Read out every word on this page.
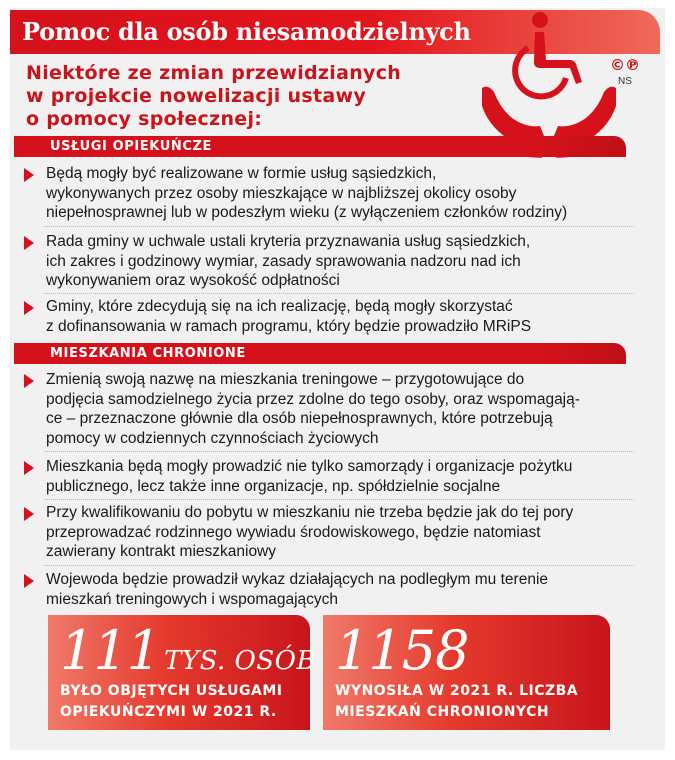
Pomoc dla osób niesamodzielnych
©℗
NS
Niektóre ze zmian przewidzianych
w projekcie nowelizacji ustawy
o pomocy społecznej:
USŁUGI OPIEKUŃCZE
Będą mogły być realizowane w formie usług sąsiedzkich,
wykonywanych przez osoby mieszkające w najbliższej okolicy osoby
niepełnosprawnej lub w podeszłym wieku (z wyłączeniem członków rodziny)
Rada gminy w uchwale ustali kryteria przyznawania usług sąsiedzkich,
ich zakres i godzinowy wymiar, zasady sprawowania nadzoru nad ich
wykonywaniem oraz wysokość odpłatności
Gminy, które zdecydują się na ich realizację, będą mogły skorzystać
z dofinansowania w ramach programu, który będzie prowadziło MRiPS
MIESZKANIA CHRONIONE
Zmienią swoją nazwę na mieszkania treningowe – przygotowujące do
podjęcia samodzielnego życia przez zdolne do tego osoby, oraz wspomagają-
ce – przeznaczone głównie dla osób niepełnosprawnych, które potrzebują
pomocy w codziennych czynnościach życiowych
Mieszkania będą mogły prowadzić nie tylko samorządy i organizacje pożytku
publicznego, lecz także inne organizacje, np. spółdzielnie socjalne
Przy kwalifikowaniu do pobytu w mieszkaniu nie trzeba będzie jak do tej pory
przeprowadzać rodzinnego wywiadu środowiskowego, będzie natomiast
zawierany kontrakt mieszkaniowy
Wojewoda będzie prowadził wykaz działających na podległym mu terenie
mieszkań treningowych i wspomagających
111 TYS. OSÓB
BYŁO OBJĘTYCH USŁUGAMI
OPIEKUŃCZYMI W 2021 R.
1158
WYNOSIŁA W 2021 R. LICZBA
MIESZKAŃ CHRONIONYCH
